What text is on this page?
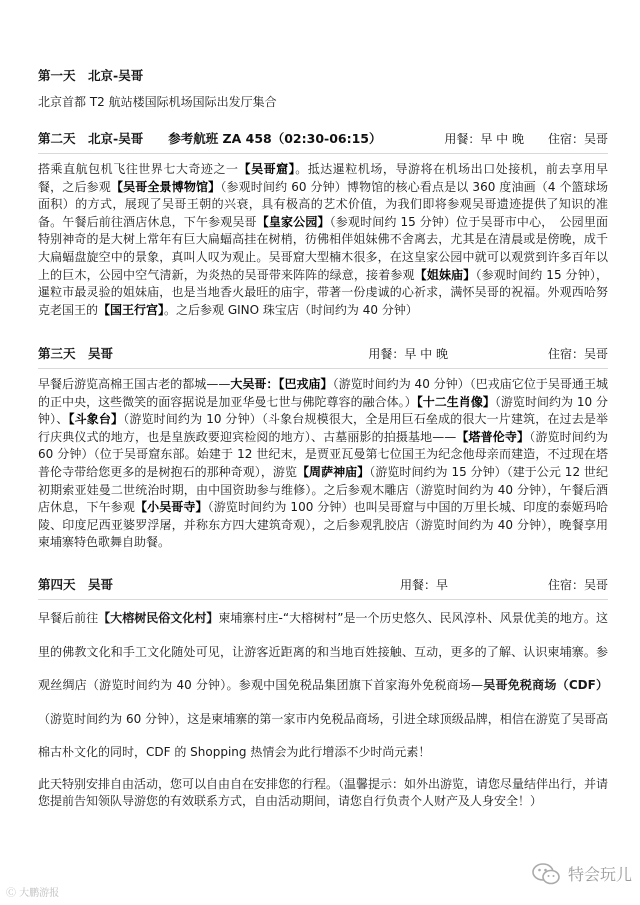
第一天　北京-吴哥

北京首都 T2 航站楼国际机场国际出发厅集合

第二天　北京-吴哥　　参考航班 ZA 458（02:30-06:15）	用餐：早 中 晚 住宿：吴哥

搭乘直航包机飞往世界七大奇迹之一【吴哥窟】。抵达暹粒机场，导游将在机场出口处接机，前去享用早餐，之后参观【吴哥全景博物馆】（参观时间约 60 分钟）博物馆的核心看点是以 360 度油画（4 个篮球场面积）的方式，展现了吴哥王朝的兴衰，具有极高的艺术价值，为我们即将参观吴哥遗迹提供了知识的准备。午餐后前往酒店休息，下午参观吴哥【皇家公园】（参观时间约 15 分钟）位于吴哥市中心，　公园里面特别神奇的是大树上常年有巨大扁蝠高挂在树梢，彷佛相伴姐妹佛不舍离去，尤其是在清晨或是傍晚，成千大扁蝠盘旋空中的景象，真叫人叹为观止。吴哥窟大型楠木很多，在这皇家公园中就可以观赏到许多百年以上的巨木，公园中空气清新，为炎热的吴哥带来阵阵的绿意，接着参观【姐妹庙】（参观时间约 15 分钟），暹粒市最灵验的姐妹庙，也是当地香火最旺的庙宇，带著一份虔诚的心祈求，满怀吴哥的祝福。外观西哈努克老国王的【国王行宫】。之后参观 GINO 珠宝店（时间约为 40 分钟）

第三天　吴哥	用餐：早 中 晚	住宿：吴哥

早餐后游览高棉王国古老的都城——大吴哥：【巴戎庙】（游览时间约为 40 分钟）（巴戎庙它位于吴哥通王城的正中央，这些微笑的面容据说是加亚华曼七世与佛陀尊容的融合体。）【十二生肖像】（游览时间约为 10 分钟）、【斗象台】（游览时间约为 10 分钟）（斗象台规模很大，全是用巨石垒成的很大一片建筑，在过去是举行庆典仪式的地方，也是皇族政要迎宾检阅的地方）、古墓丽影的拍摄基地——【塔普伦寺】（游览时间约为 60 分钟）（位于吴哥窟东部。始建于 12 世纪末，是贾亚瓦曼第七位国王为纪念他母亲而建造，不过现在塔普伦寺带给您更多的是树抱石的那种奇观），游览【周萨神庙】（游览时间约为 15 分钟）（建于公元 12 世纪初期索亚娃曼二世统治时期，由中国资助参与维修）。之后参观木雕店（游览时间约为 40 分钟），午餐后酒店休息，下午参观【小吴哥寺】（游览时间约为 100 分钟）也叫吴哥窟与中国的万里长城、印度的泰姬玛哈陵、印度尼西亚婆罗浮屠，并称东方四大建筑奇观），之后参观乳胶店（游览时间约为 40 分钟），晚餐享用柬埔寨特色歌舞自助餐。

第四天　吴哥	用餐：早	住宿：吴哥

早餐后前往【大榕树民俗文化村】柬埔寨村庄-“大榕树村”是一个历史悠久、民风淳朴、风景优美的地方。这里的佛教文化和手工文化随处可见，让游客近距离的和当地百姓接触、互动，更多的了解、认识柬埔寨。参观丝绸店（游览时间约为 40 分钟）。参观中国免税品集团旗下首家海外免税商场—吴哥免税商场（CDF）（游览时间约为 60 分钟），这是柬埔寨的第一家市内免税品商场，引进全球顶级品牌，相信在游览了吴哥高棉古朴文化的同时，CDF 的 Shopping 热情会为此行增添不少时尚元素！

此天特别安排自由活动，您可以自由自在安排您的行程。（温馨提示：如外出游览，请您尽量结伴出行，并请您提前告知领队导游您的有效联系方式，自由活动期间，请您自行负责个人财产及人身安全！）

Ⓒ 大鹏游报
特会玩儿
